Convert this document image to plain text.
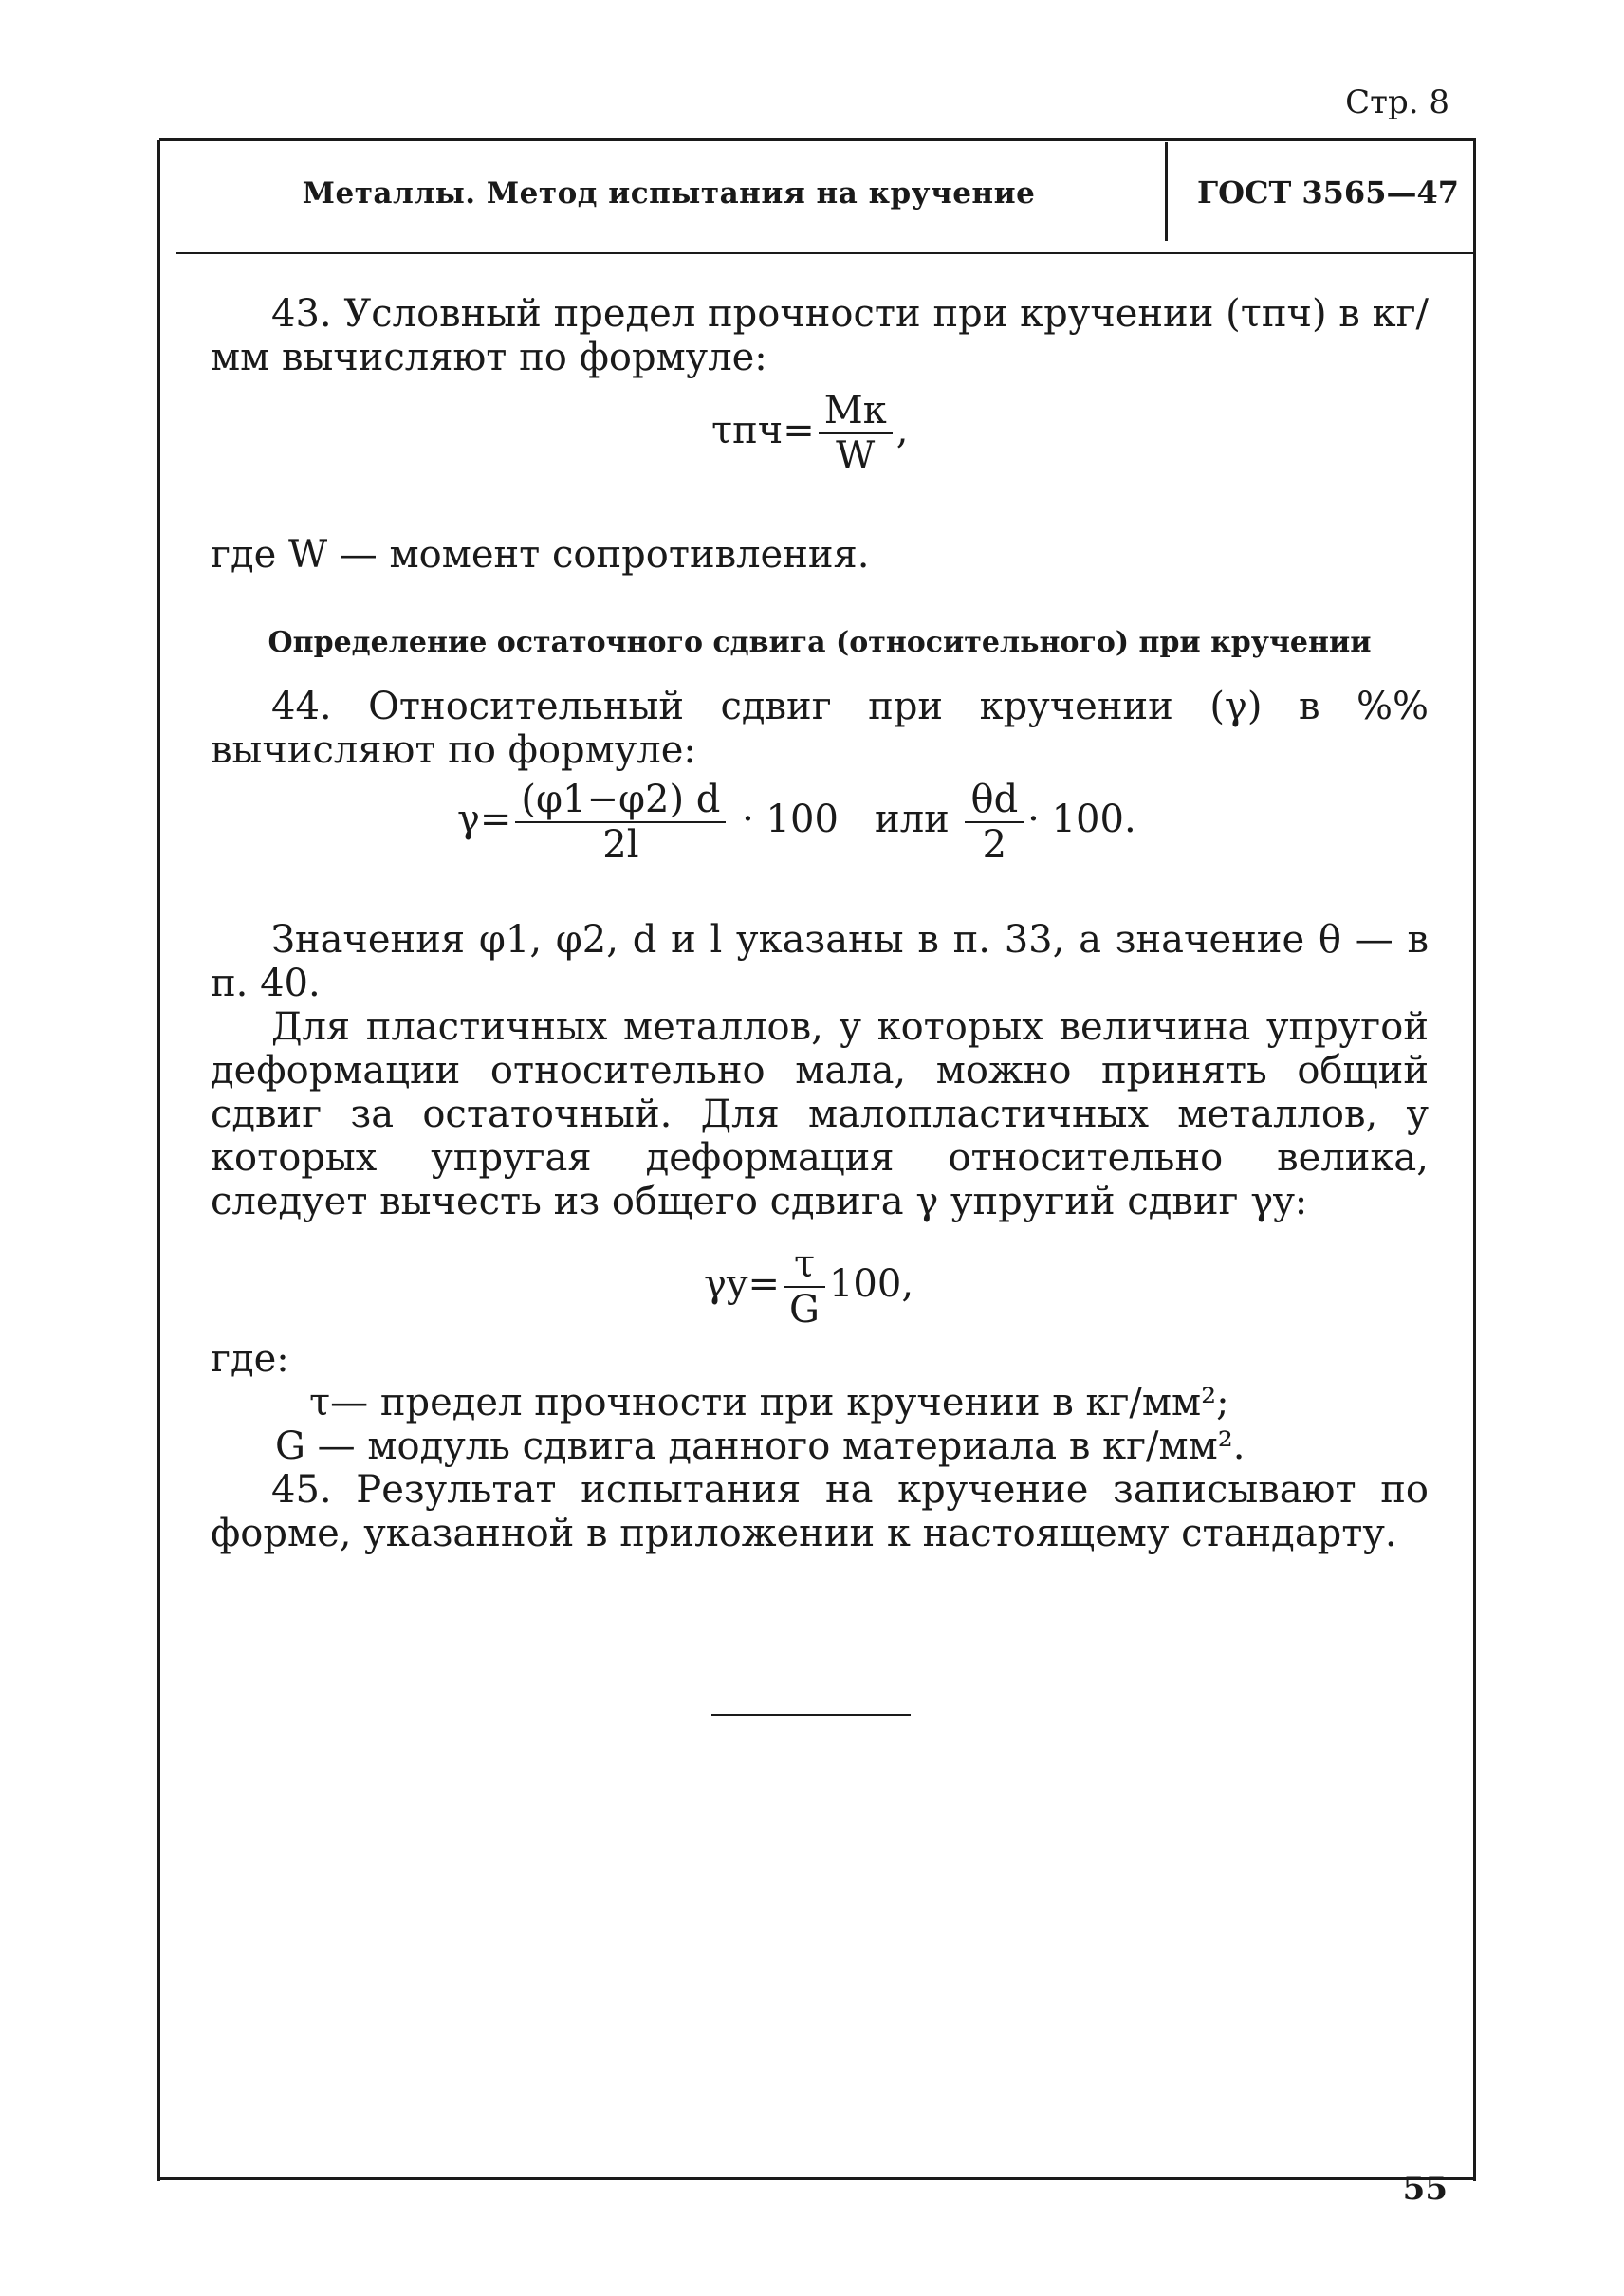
Стр. 8
Металлы. Метод испытания на кручение	ГОСТ 3565—47
43. Условный предел прочности при кручении (τпч) в кг/мм вычисляют по формуле:
$\tau пч= \frac{Mк}{W}$ ,
где W — момент сопротивления.
Определение остаточного сдвига (относительного) при кручении
44. Относительный сдвиг при кручении (γ) в %% вычисляют по формуле:
$\gamma= \frac{(\varphi 1-\varphi 2) d}{2l} \cdot 100$   или $\frac{\theta d}{2} \cdot 100$.
Значения φ1, φ2, d и l указаны в п. 33, а значение θ — в п. 40.
Для пластичных металлов, у которых величина упругой деформации относительно мала, можно принять общий сдвиг за остаточный. Для малопластичных металлов, у которых упругая деформация относительно велика, следует вычесть из общего сдвига γ упругий сдвиг γy:
$\gamma y= \frac{\tau}{G} 100$,
где:
τ— предел прочности при кручении в кг/мм²;
G — модуль сдвига данного материала в кг/мм².
45. Результат испытания на кручение записывают по форме, указанной в приложении к настоящему стандарту.
55
